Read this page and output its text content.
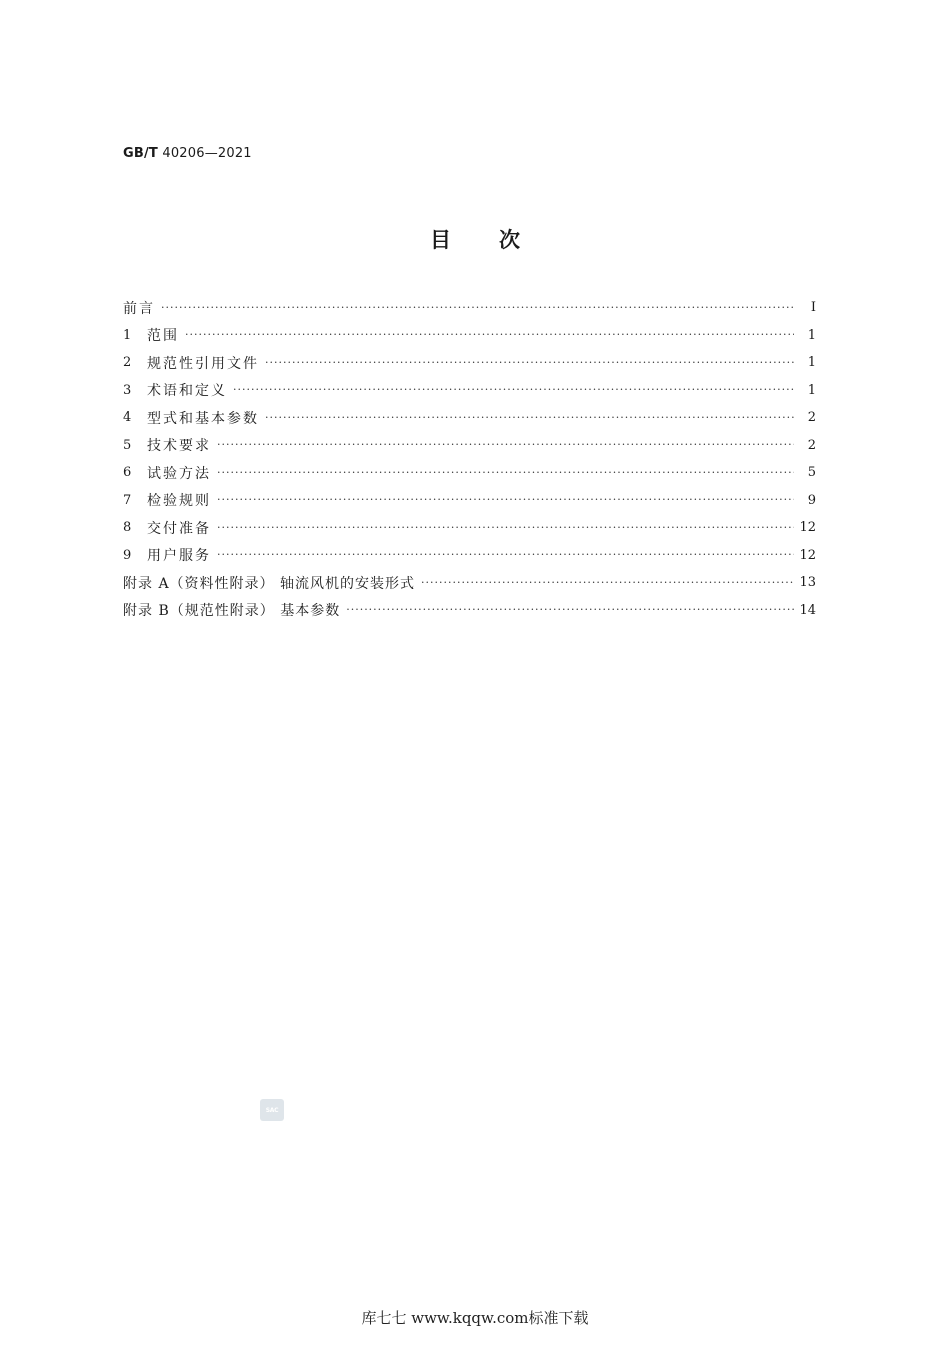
GB/T 40206—2021
目次
前言 ·····	Ⅰ
1	范围 ·····	1
2	规范性引用文件 ·····	1
3	术语和定义 ·····	1
4	型式和基本参数 ·····	2
5	技术要求 ·····	2
6	试验方法 ·····	5
7	检验规则 ·····	9
8	交付准备 ·····	12
9	用户服务 ·····	12
附录 A（资料性附录） 轴流风机的安装形式 ·····	13
附录 B（规范性附录） 基本参数 ·····	14
SAC
库七七 www.kqqw.com标准下载
